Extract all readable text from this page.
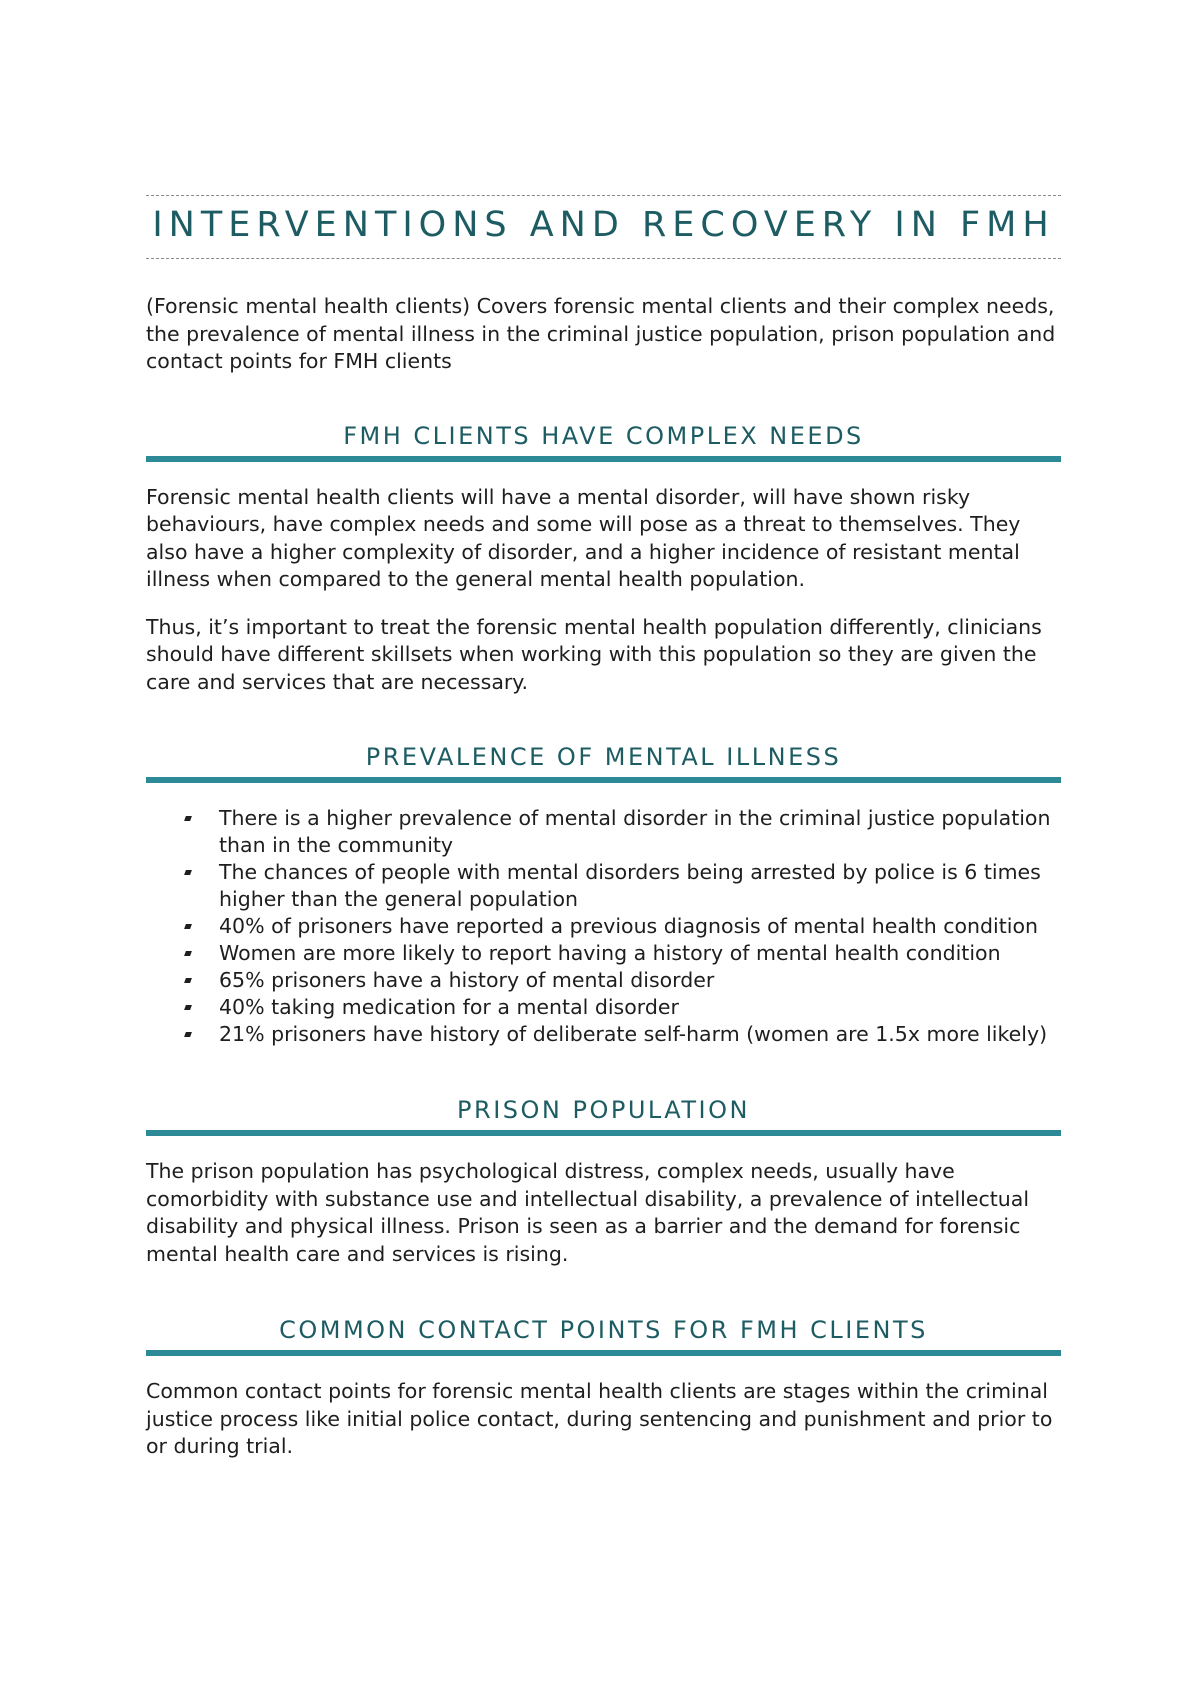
INTERVENTIONS AND RECOVERY IN FMH

(Forensic mental health clients) Covers forensic mental clients and their complex needs, the prevalence of mental illness in the criminal justice population, prison population and contact points for FMH clients

FMH CLIENTS HAVE COMPLEX NEEDS

Forensic mental health clients will have a mental disorder, will have shown risky behaviours, have complex needs and some will pose as a threat to themselves. They also have a higher complexity of disorder, and a higher incidence of resistant mental illness when compared to the general mental health population.

Thus, it’s important to treat the forensic mental health population differently, clinicians should have different skillsets when working with this population so they are given the care and services that are necessary.

PREVALENCE OF MENTAL ILLNESS
There is a higher prevalence of mental disorder in the criminal justice population than in the community
The chances of people with mental disorders being arrested by police is 6 times higher than the general population
40% of prisoners have reported a previous diagnosis of mental health condition
Women are more likely to report having a history of mental health condition
65% prisoners have a history of mental disorder
40% taking medication for a mental disorder
21% prisoners have history of deliberate self-harm (women are 1.5x more likely)
PRISON POPULATION

The prison population has psychological distress, complex needs, usually have comorbidity with substance use and intellectual disability, a prevalence of intellectual disability and physical illness. Prison is seen as a barrier and the demand for forensic mental health care and services is rising.

COMMON CONTACT POINTS FOR FMH CLIENTS

Common contact points for forensic mental health clients are stages within the criminal justice process like initial police contact, during sentencing and punishment and prior to or during trial.
